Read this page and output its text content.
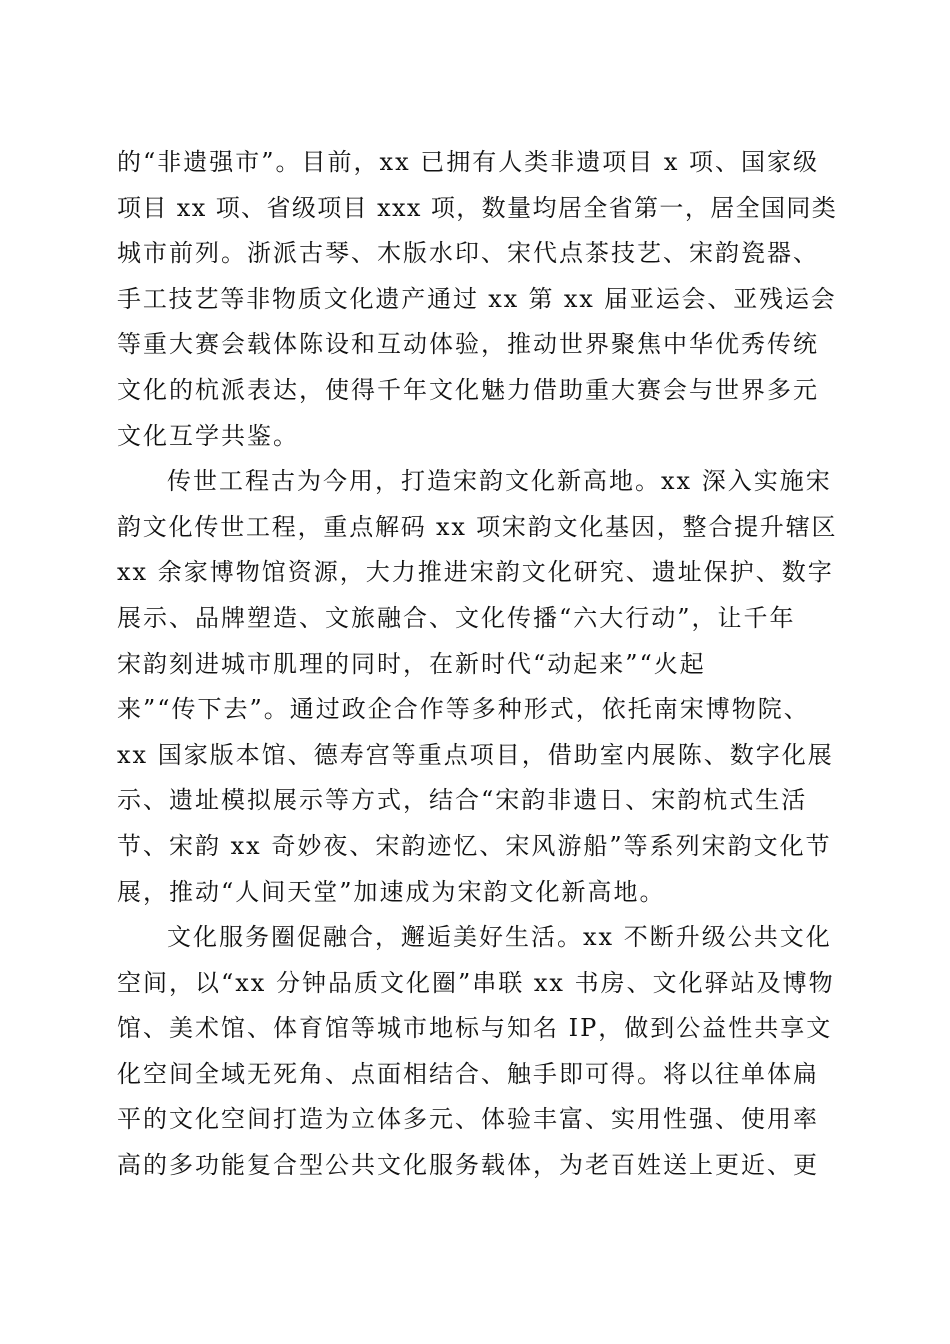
的“非遗强市”。目前，xx 已拥有人类非遗项目 x 项、国家级
项目 xx 项、省级项目 xxx 项，数量均居全省第一，居全国同类
城市前列。浙派古琴、木版水印、宋代点茶技艺、宋韵瓷器、
手工技艺等非物质文化遗产通过 xx 第 xx 届亚运会、亚残运会
等重大赛会载体陈设和互动体验，推动世界聚焦中华优秀传统
文化的杭派表达，使得千年文化魅力借助重大赛会与世界多元
文化互学共鉴。
传世工程古为今用，打造宋韵文化新高地。xx 深入实施宋
韵文化传世工程，重点解码 xx 项宋韵文化基因，整合提升辖区
xx 余家博物馆资源，大力推进宋韵文化研究、遗址保护、数字
展示、品牌塑造、文旅融合、文化传播“六大行动”，让千年
宋韵刻进城市肌理的同时，在新时代“动起来”“火起
来”“传下去”。通过政企合作等多种形式，依托南宋博物院、
xx 国家版本馆、德寿宫等重点项目，借助室内展陈、数字化展
示、遗址模拟展示等方式，结合“宋韵非遗日、宋韵杭式生活
节、宋韵 xx 奇妙夜、宋韵迹忆、宋风游船”等系列宋韵文化节
展，推动“人间天堂”加速成为宋韵文化新高地。
文化服务圈促融合，邂逅美好生活。xx 不断升级公共文化
空间，以“xx 分钟品质文化圈”串联 xx 书房、文化驿站及博物
馆、美术馆、体育馆等城市地标与知名 IP，做到公益性共享文
化空间全域无死角、点面相结合、触手即可得。将以往单体扁
平的文化空间打造为立体多元、体验丰富、实用性强、使用率
高的多功能复合型公共文化服务载体，为老百姓送上更近、更
